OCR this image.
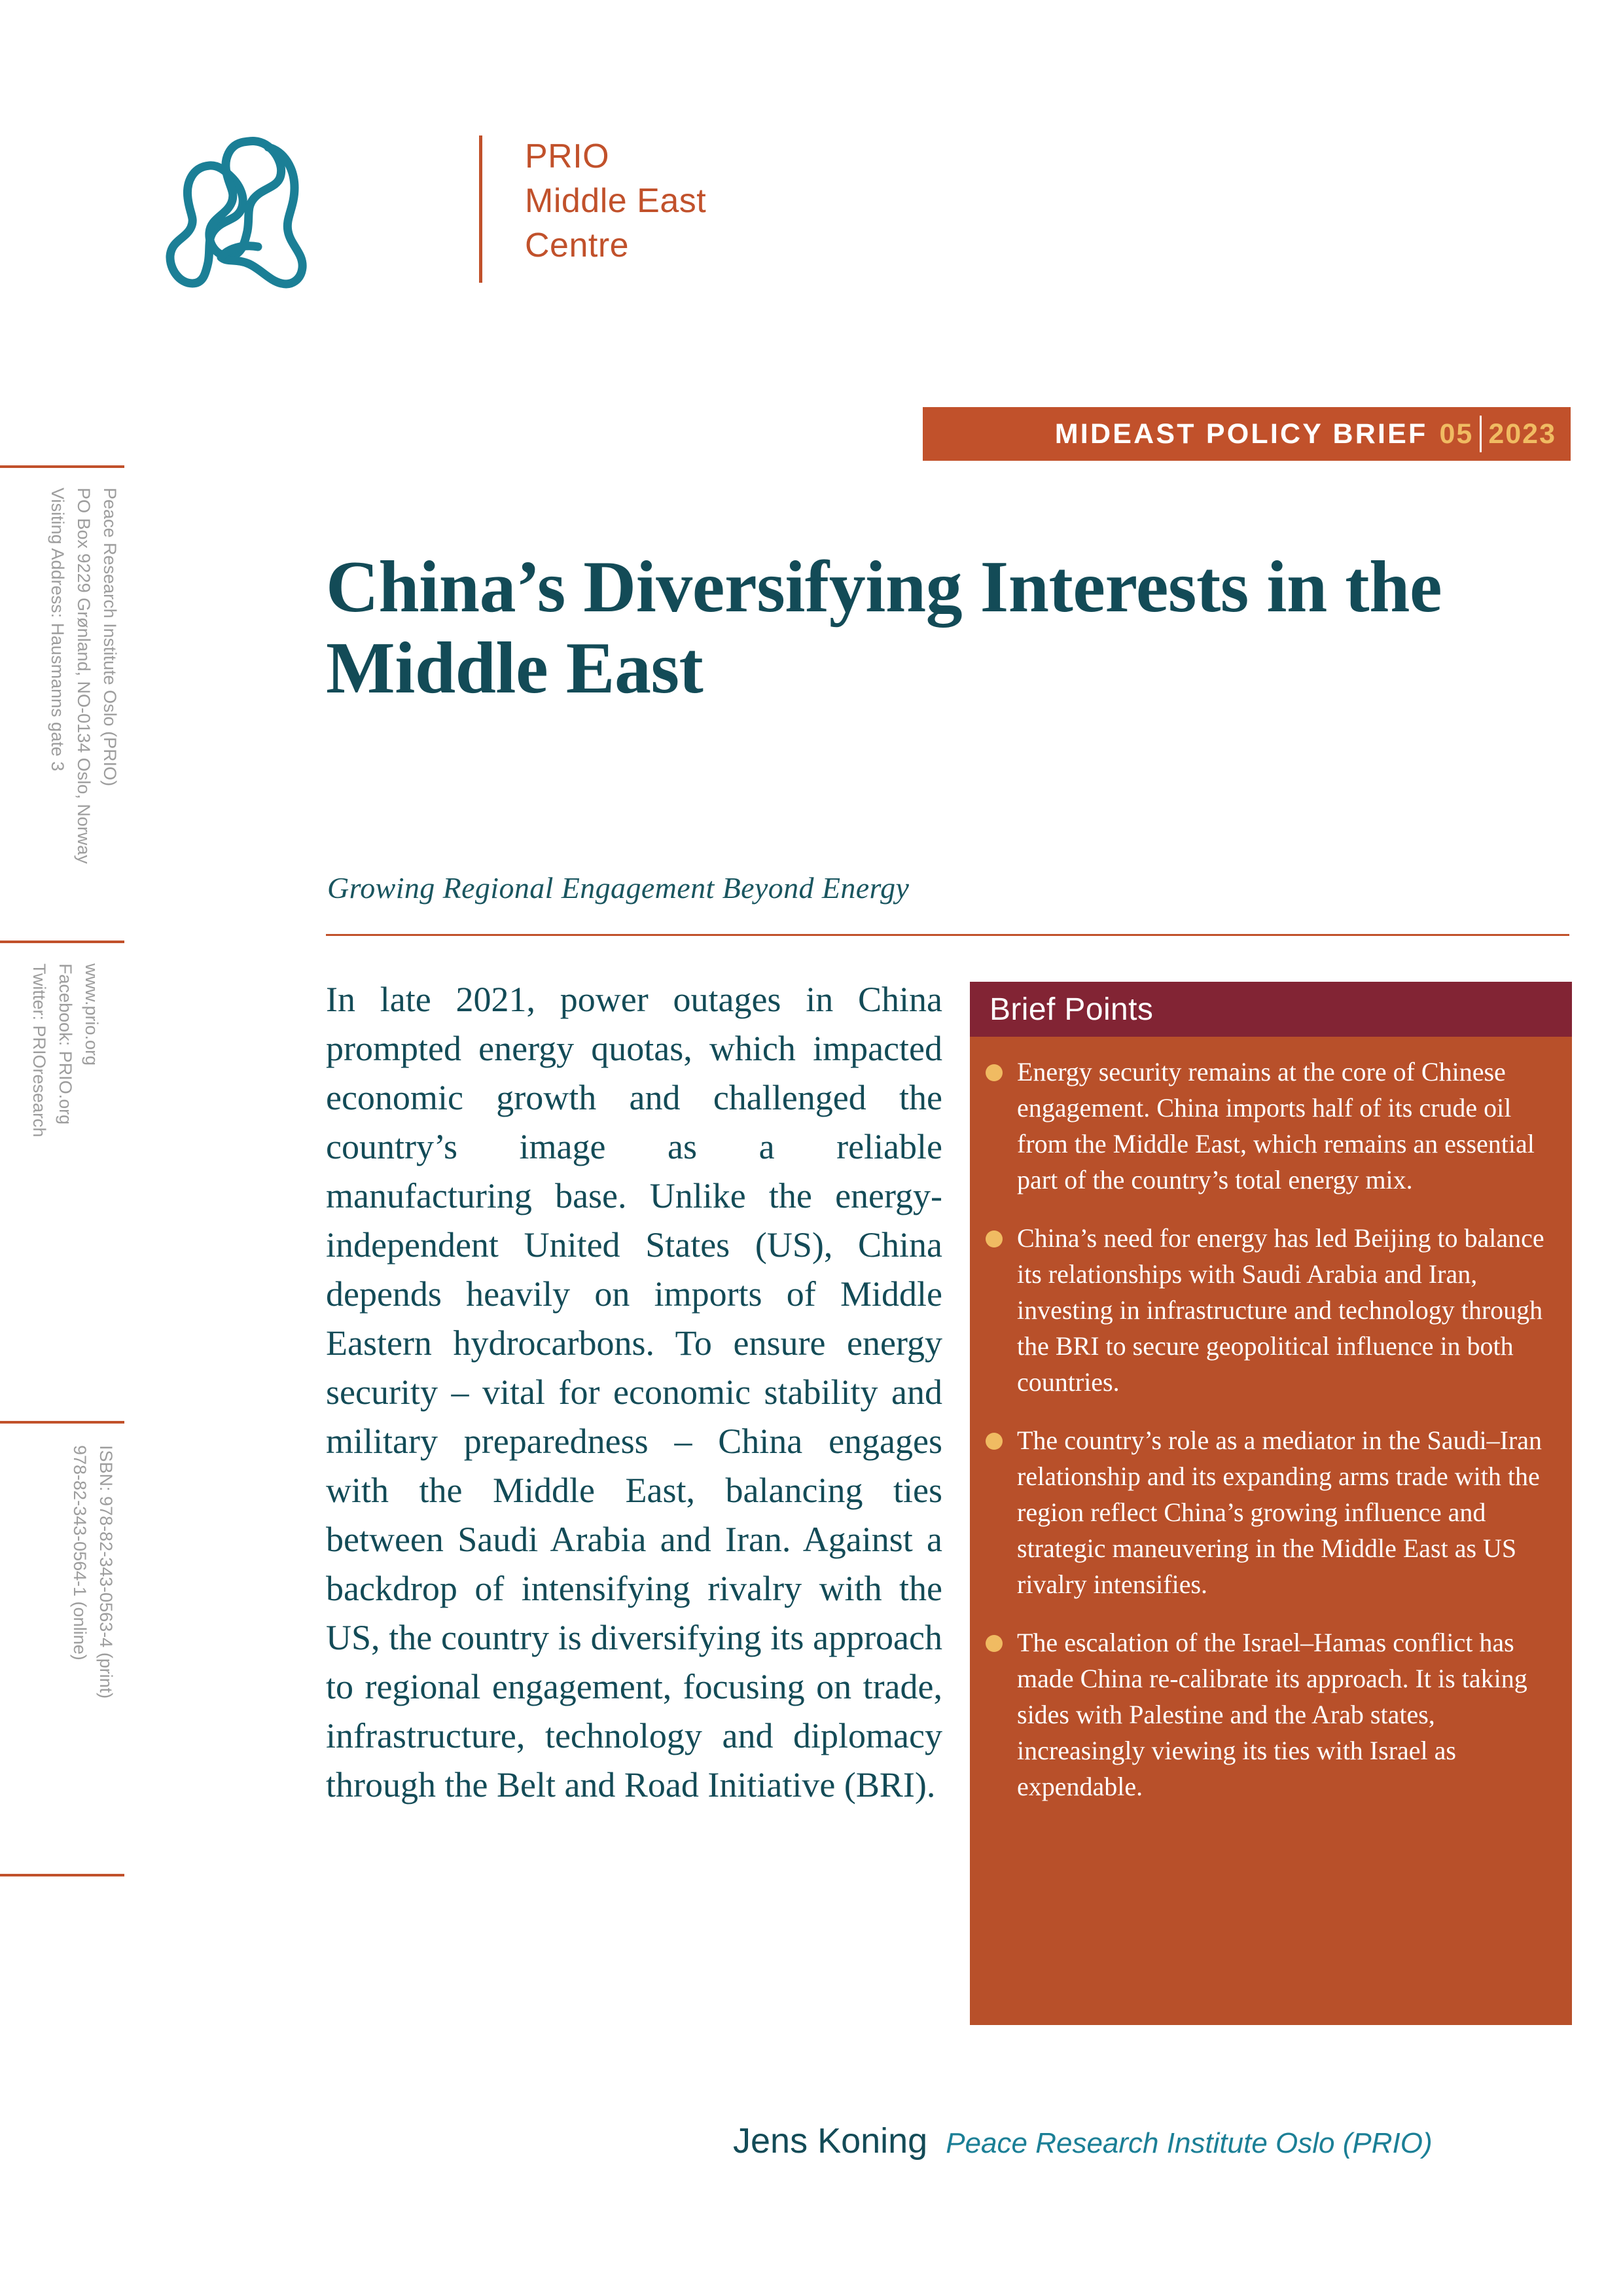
PRIO
Middle East
Centre
Peace Research Institute Oslo (PRIO)
PO Box 9229 Grønland, NO-0134 Oslo, Norway
Visiting Address: Hausmanns gate 3
www.prio.org
Facebook: PRIO.org
Twitter: PRIOresearch
ISBN: 978-82-343-0563-4 (print)
978-82-343-0564-1 (online)
MIDEAST POLICY BRIEF 05 2023
China’s Diversifying Interests in the Middle East
Growing Regional Engagement Beyond Energy
In late 2021, power outages in China prompted energy quotas, which impacted economic growth and challenged the country’s image as a reliable manufacturing base. Unlike the energy-independent United States (US), China depends heavily on imports of Middle Eastern hydrocarbons. To ensure energy security – vital for economic stability and military preparedness – China engages with the Middle East, balancing ties between Saudi Arabia and Iran. Against a backdrop of intensifying rivalry with the US, the country is diversifying its approach to regional engagement, focusing on trade, infrastructure, technology and diplomacy through the Belt and Road Initiative (BRI).
Brief Points
Energy security remains at the core of Chinese engagement. China imports half of its crude oil from the Middle East, which remains an essential part of the country’s total energy mix.
China’s need for energy has led Beijing to balance its relationships with Saudi Arabia and Iran, investing in infrastructure and technology through the BRI to secure geopolitical influence in both countries.
The country’s role as a mediator in the Saudi–Iran relationship and its expanding arms trade with the region reflect China’s growing influence and strategic maneuvering in the Middle East as US rivalry intensifies.
The escalation of the Israel–Hamas conflict has made China re-calibrate its approach. It is taking sides with Palestine and the Arab states, increasingly viewing its ties with Israel as expendable.
Jens Koning Peace Research Institute Oslo (PRIO)
